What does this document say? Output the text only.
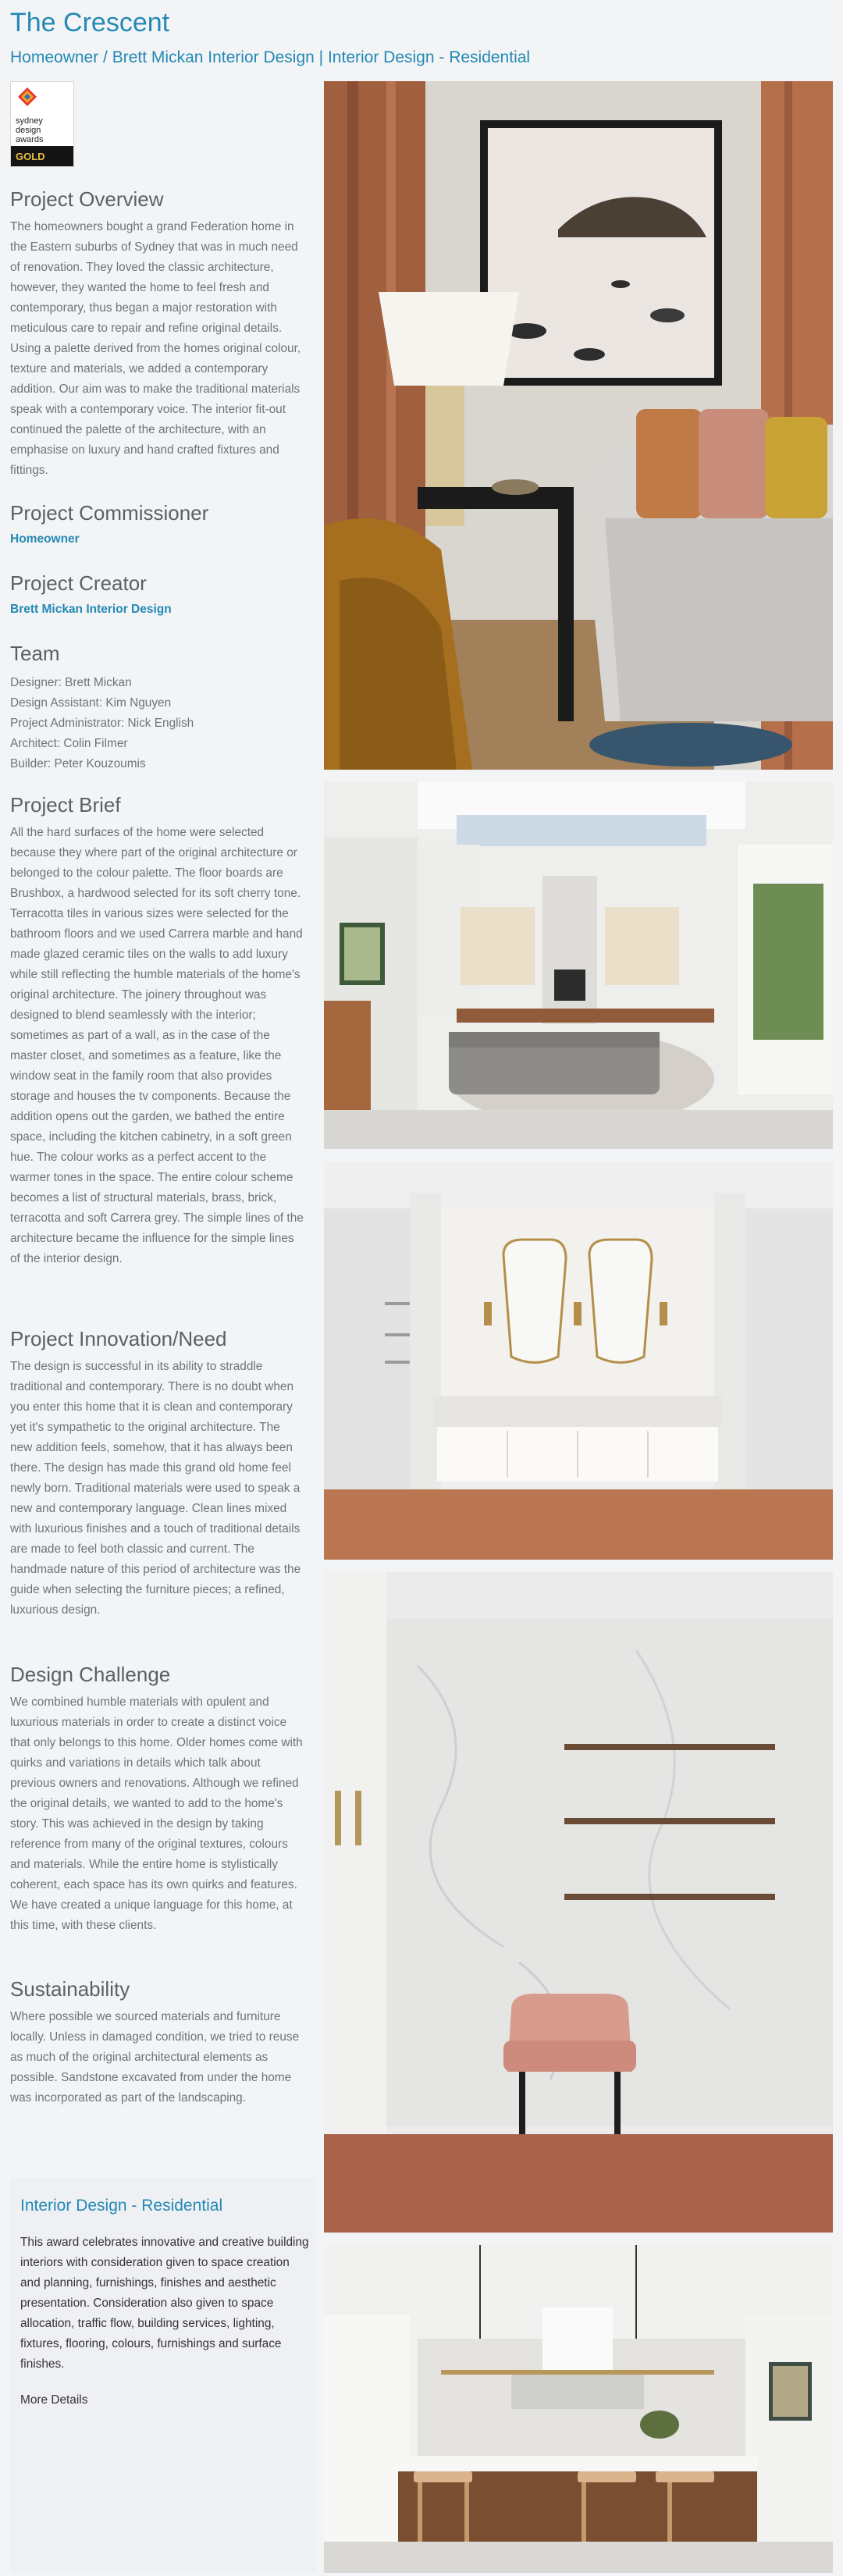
The Crescent
Homeowner / Brett Mickan Interior Design | Interior Design - Residential
sydney
design
awards
GOLD
Project Overview

The homeowners bought a grand Federation home in the Eastern suburbs of Sydney that was in much need of renovation. They loved the classic architecture, however, they wanted the home to feel fresh and contemporary, thus began a major restoration with meticulous care to repair and refine original details. Using a palette derived from the homes original colour, texture and materials, we added a contemporary addition. Our aim was to make the traditional materials speak with a contemporary voice. The interior fit-out continued the palette of the architecture, with an emphasise on luxury and hand crafted fixtures and fittings.

Project Commissioner
Homeowner
Project Creator
Brett Mickan Interior Design
Team

Designer: Brett Mickan

Design Assistant: Kim Nguyen

Project Administrator: Nick English

Architect: Colin Filmer

Builder: Peter Kouzoumis

Project Brief

All the hard surfaces of the home were selected because they where part of the original architecture or belonged to the colour palette. The floor boards are Brushbox, a hardwood selected for its soft cherry tone. Terracotta tiles in various sizes were selected for the bathroom floors and we used Carrera marble and hand made glazed ceramic tiles on the walls to add luxury while still reflecting the humble materials of the home's original architecture. The joinery throughout was designed to blend seamlessly with the interior; sometimes as part of a wall, as in the case of the master closet, and sometimes as a feature, like the window seat in the family room that also provides storage and houses the tv components. Because the addition opens out the garden, we bathed the entire space, including the kitchen cabinetry, in a soft green hue. The colour works as a perfect accent to the warmer tones in the space. The entire colour scheme becomes a list of structural materials, brass, brick, terracotta and soft Carrera grey. The simple lines of the architecture became the influence for the simple lines of the interior design.

Project Innovation/Need

The design is successful in its ability to straddle traditional and contemporary. There is no doubt when you enter this home that it is clean and contemporary yet it's sympathetic to the original architecture. The new addition feels, somehow, that it has always been there. The design has made this grand old home feel newly born. Traditional materials were used to speak a new and contemporary language. Clean lines mixed with luxurious finishes and a touch of traditional details are made to feel both classic and current. The handmade nature of this period of architecture was the guide when selecting the furniture pieces; a refined, luxurious design.

Design Challenge

We combined humble materials with opulent and luxurious materials in order to create a distinct voice that only belongs to this home. Older homes come with quirks and variations in details which talk about previous owners and renovations. Although we refined the original details, we wanted to add to the home's story. This was achieved in the design by taking reference from many of the original textures, colours and materials. While the entire home is stylistically coherent, each space has its own quirks and features. We have created a unique language for this home, at this time, with these clients.

Sustainability

Where possible we sourced materials and furniture locally. Unless in damaged condition, we tried to reuse as much of the original architectural elements as possible. Sandstone excavated from under the home was incorporated as part of the landscaping.

Interior Design - Residential

This award celebrates innovative and creative building interiors with consideration given to space creation and planning, furnishings, finishes and aesthetic presentation. Consideration also given to space allocation, traffic flow, building services, lighting, fixtures, flooring, colours, furnishings and surface finishes.

More Details
